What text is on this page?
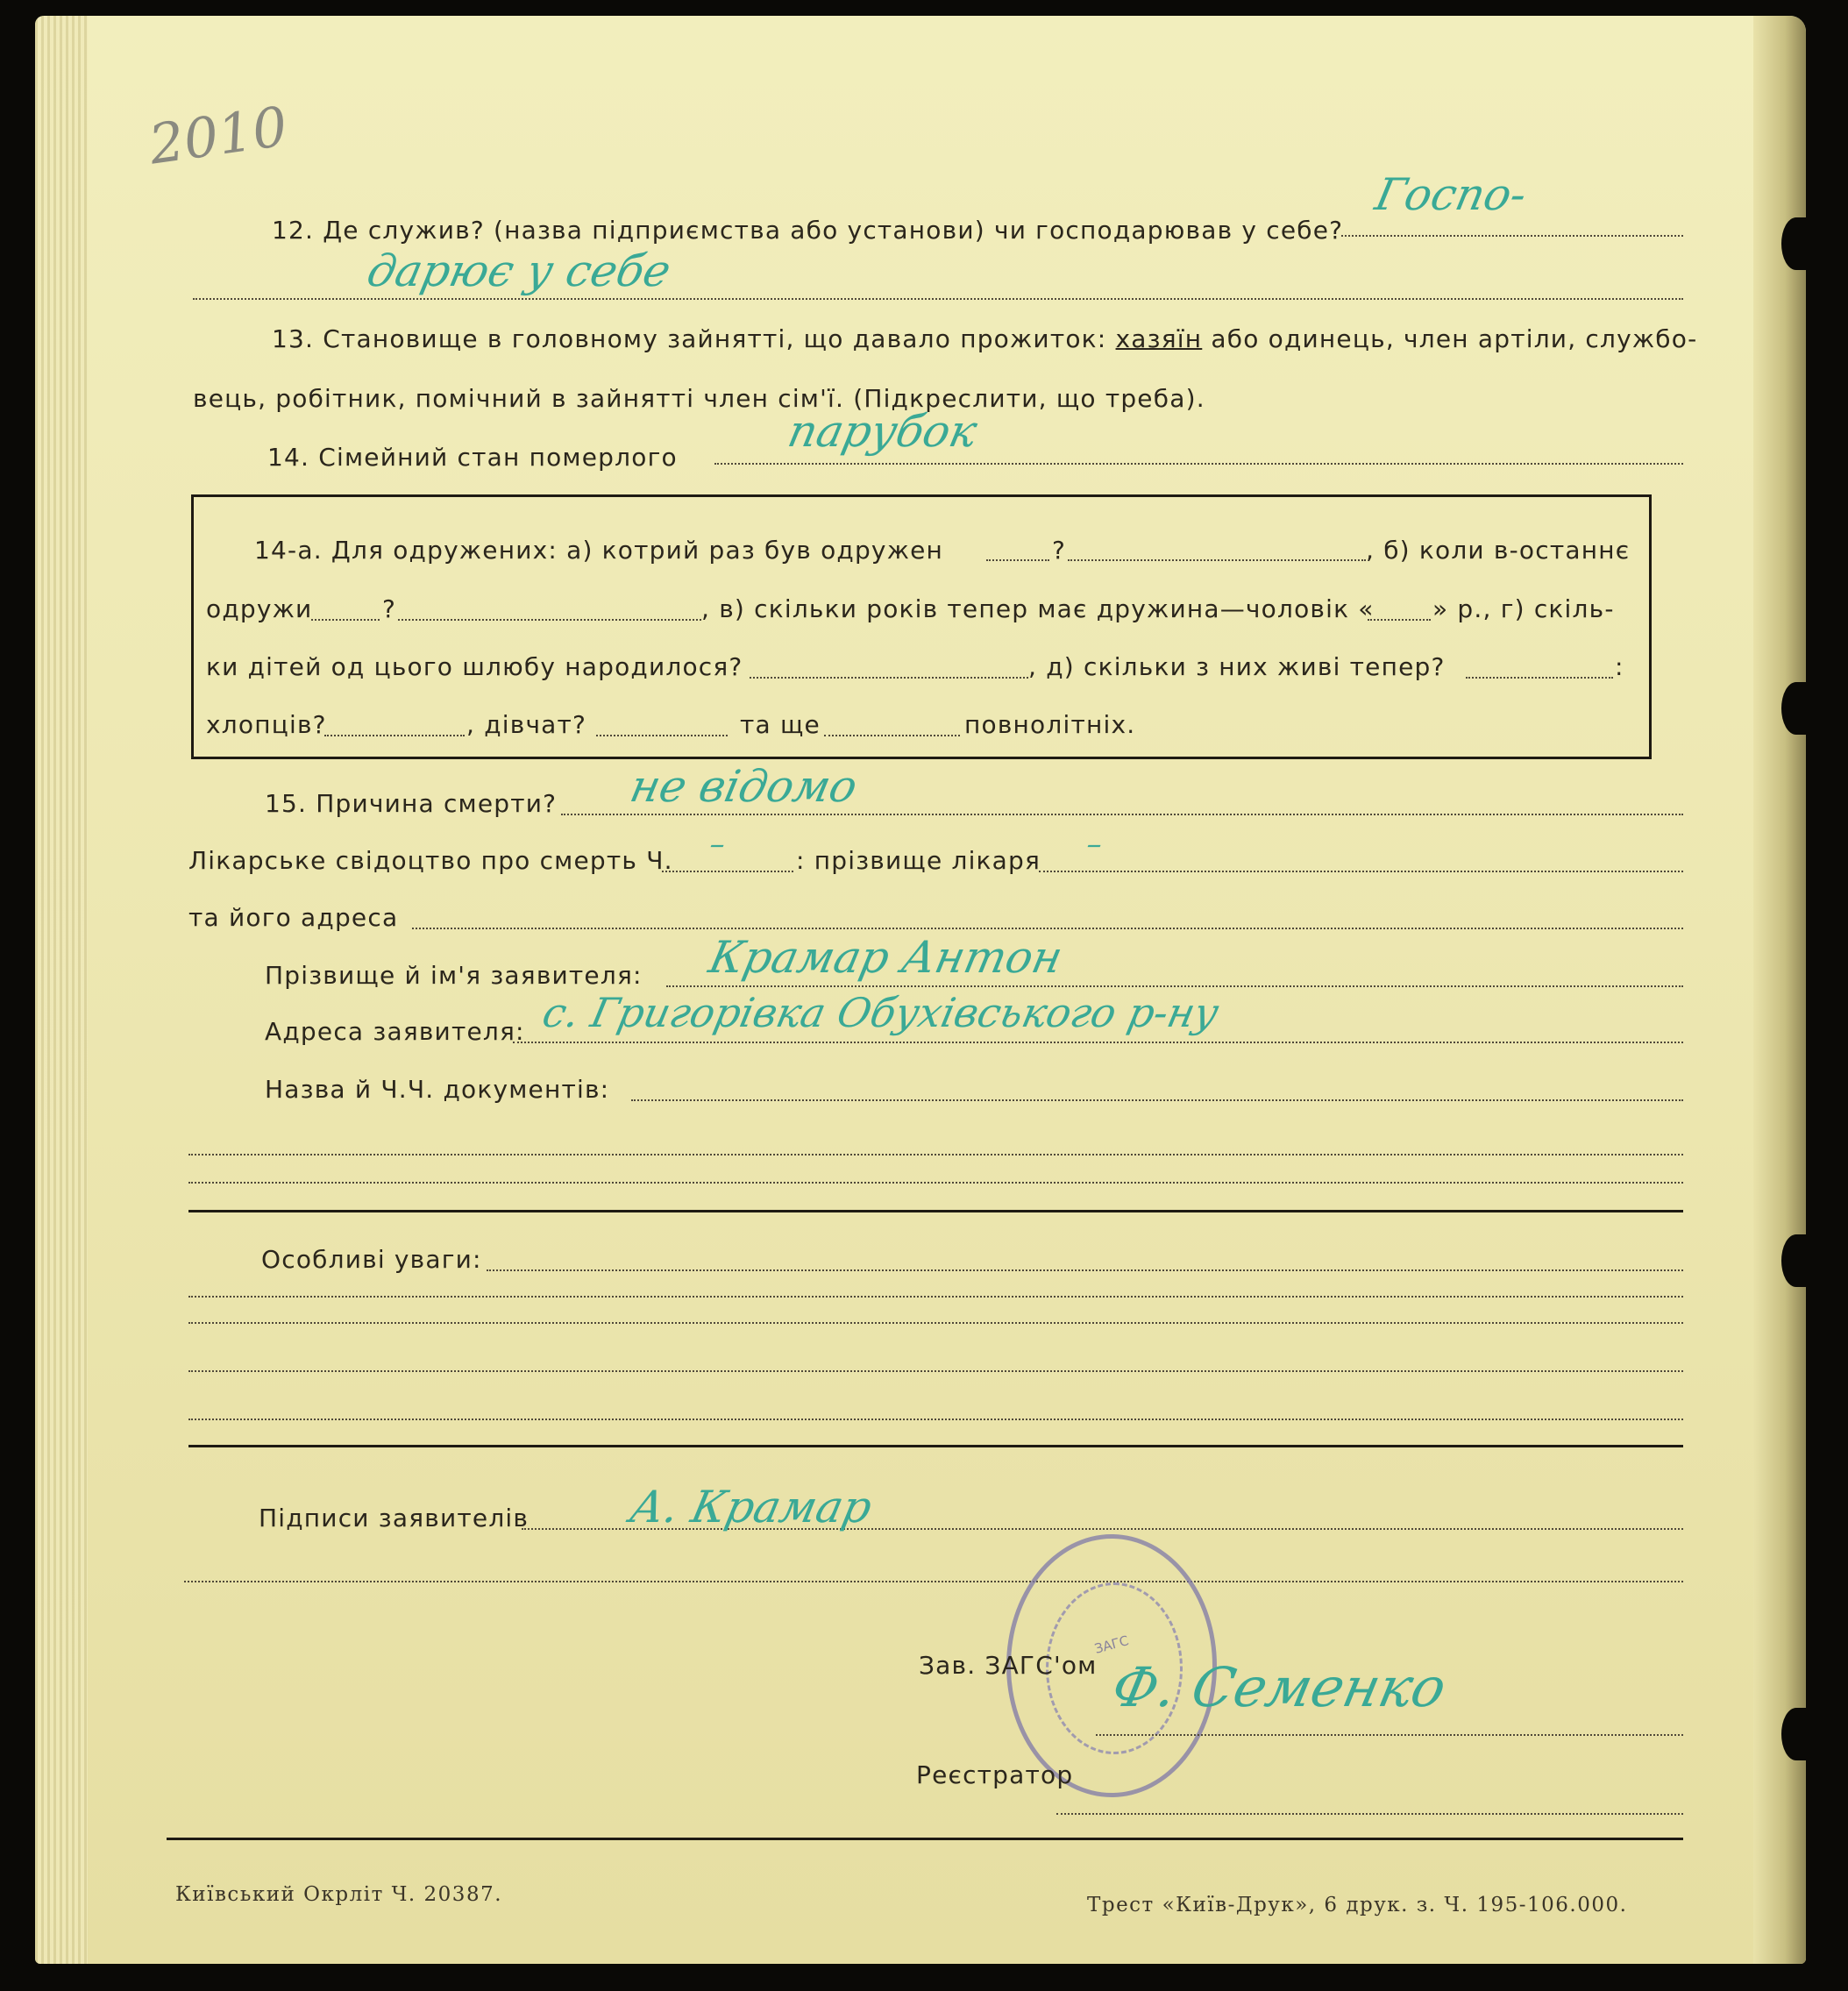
2010
12. Де служив? (назва підприємства або установи) чи господарював у себе?
Госпо-
дарює у себе
13. Становище в головному зайнятті, що давало прожиток: хазяїн або одинець, член артіли, службо-
вець, робітник, помічний в зайнятті член сім'ї. (Підкреслити, що треба).
14. Сімейний стан померлого
парубок
14-а. Для одружених: а) котрий раз був одружен	?	, б) коли в-останнє
одружи	?	, в) скільки років тепер має дружина—чоловік « » р., г) скіль-
ки дітей од цього шлюбу народилося?	, д) скільки з них живі тепер?	:
хлопців?	, дівчат?	та ще	повнолітніх.
15. Причина смерти? не відомо
Лікарське свідоцтво про смерть Ч. –	: прізвище лікаря –
та його адреса
Прізвище й ім'я заявителя: Крамар Антон
Адреса заявителя: с. Григорівка Обухівського р-ну
Назва й Ч.Ч. документів:
Особливі уваги:
Підписи заявителів А. Крамар
ЗАГС
Зав. ЗАГС'ом Ф. Семенко
Реєстратор
Київський Окрліт Ч. 20387.	Трест «Київ-Друк», 6 друк. з. Ч. 195-106.000.
